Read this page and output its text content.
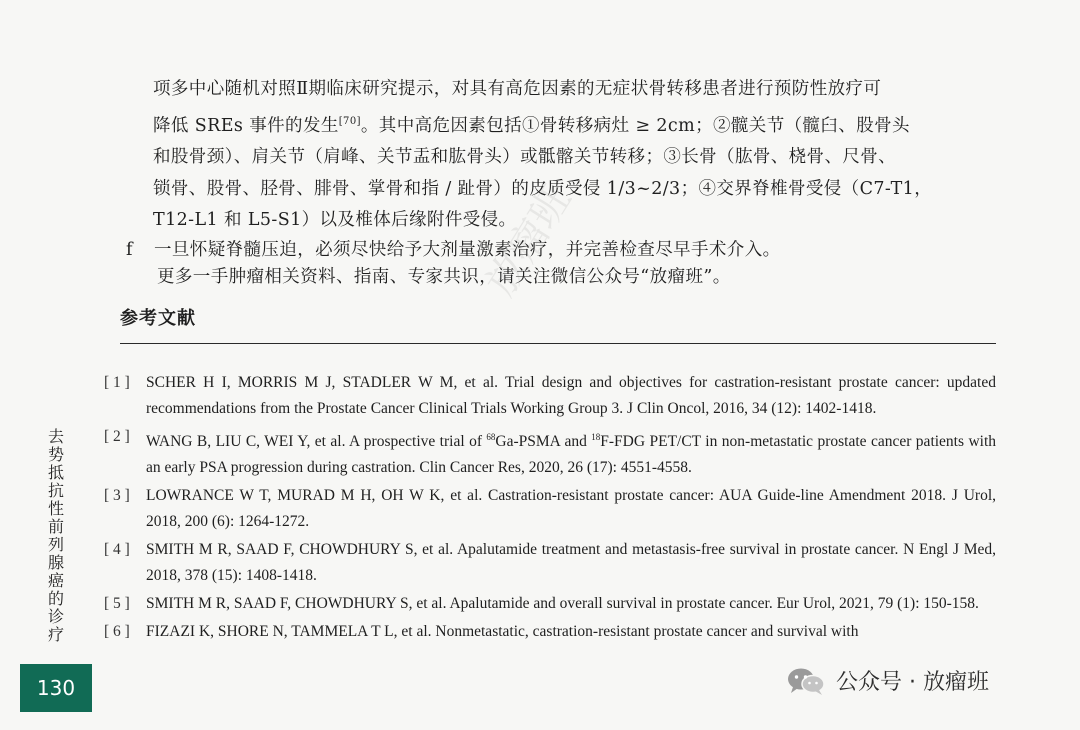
项多中心随机对照Ⅱ期临床研究提示，对具有高危因素的无症状骨转移患者进行预防性放疗可

降低 SREs 事件的发生[70]。其中高危因素包括①骨转移病灶 ≥ 2cm；②髋关节（髋臼、股骨头

和股骨颈）、肩关节（肩峰、关节盂和肱骨头）或骶髂关节转移；③长骨（肱骨、桡骨、尺骨、

锁骨、股骨、胫骨、腓骨、掌骨和指 / 趾骨）的皮质受侵 1/3~2/3；④交界脊椎骨受侵（C7-T1，

T12-L1 和 L5-S1）以及椎体后缘附件受侵。

f 一旦怀疑脊髓压迫，必须尽快给予大剂量激素治疗，并完善检查尽早手术介入。
更多一手肿瘤相关资料、指南、专家共识，请关注微信公众号“放瘤班”。
参考文献
[ 1 ]	SCHER H I, MORRIS M J, STADLER W M, et al. Trial design and objectives for castration-resistant prostate cancer: updated recommendations from the Prostate Cancer Clinical Trials Working Group 3. J Clin Oncol, 2016, 34 (12): 1402-1418.
[ 2 ]	WANG B, LIU C, WEI Y, et al. A prospective trial of $^{68}$Ga-PSMA and $^{18}$F-FDG PET/CT in non-metastatic prostate cancer patients with an early PSA progression during castration. Clin Cancer Res, 2020, 26 (17): 4551-4558.
[ 3 ]	LOWRANCE W T, MURAD M H, OH W K, et al. Castration-resistant prostate cancer: AUA Guide-line Amendment 2018. J Urol, 2018, 200 (6): 1264-1272.
[ 4 ]	SMITH M R, SAAD F, CHOWDHURY S, et al. Apalutamide treatment and metastasis-free survival in prostate cancer. N Engl J Med, 2018, 378 (15): 1408-1418.
[ 5 ]	SMITH M R, SAAD F, CHOWDHURY S, et al. Apalutamide and overall survival in prostate cancer. Eur Urol, 2021, 79 (1): 150-158.
[ 6 ]	FIZAZI K, SHORE N, TAMMELA T L, et al. Nonmetastatic, castration-resistant prostate cancer and survival with
去势抵抗性前列腺癌的诊疗
130
放瘤班
公众号 · 放瘤班
